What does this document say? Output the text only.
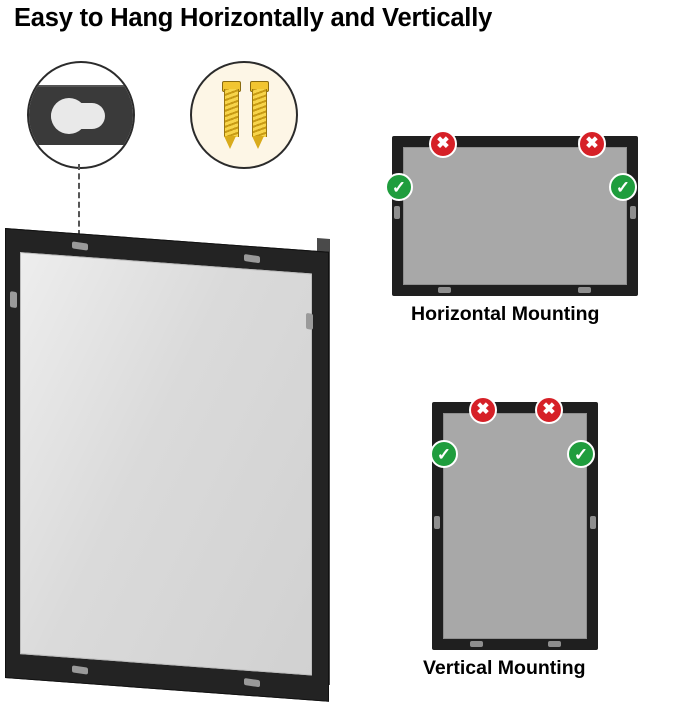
Easy to Hang Horizontally and Vertically
✖	✖
✓	✓
Horizontal Mounting
✖	✖
✓	✓
Vertical Mounting
